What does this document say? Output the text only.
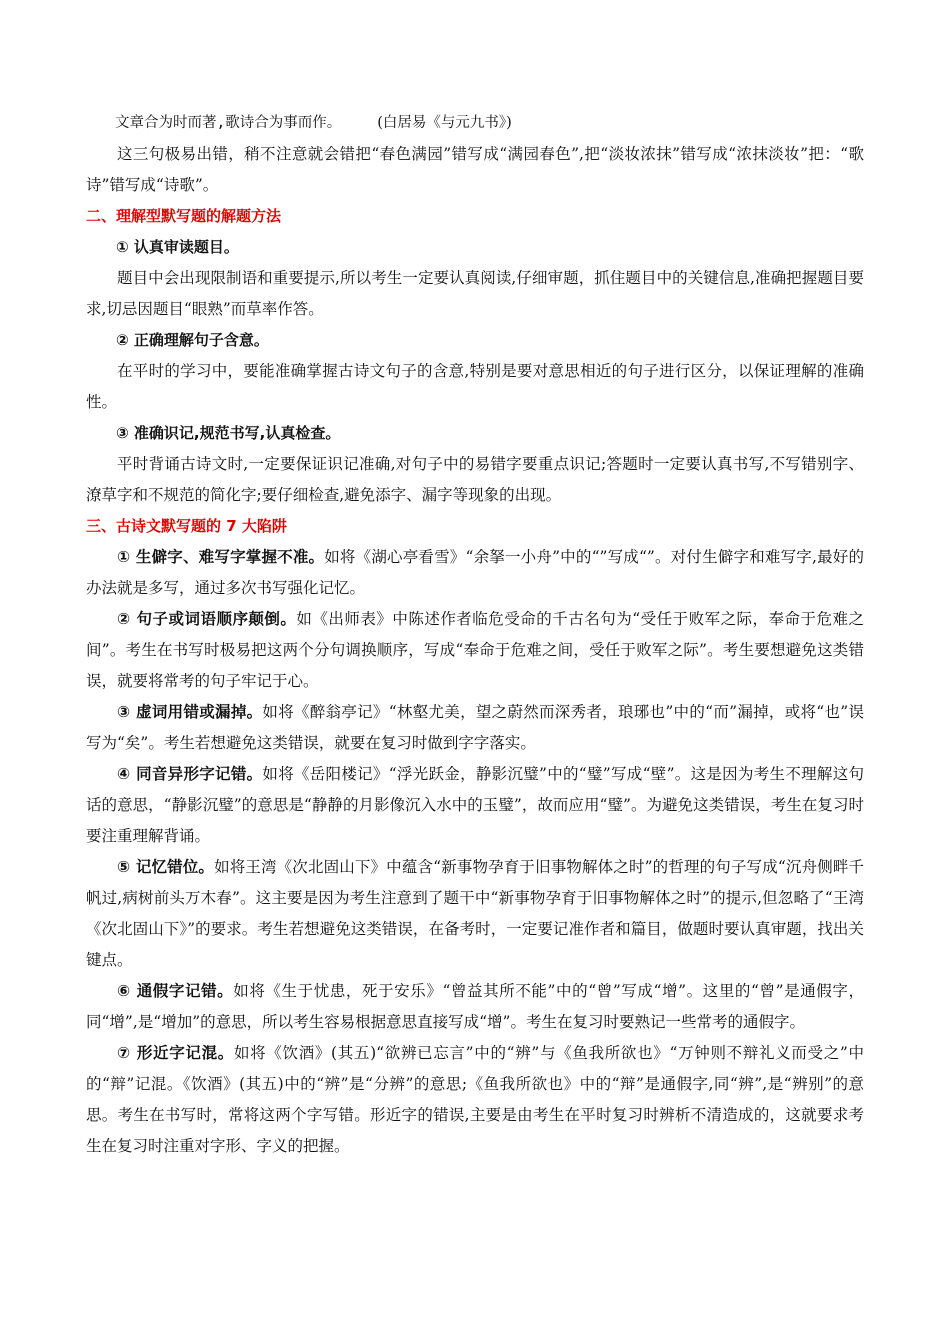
文章合为时而著,歌诗合为事而作。 (白居易《与元九书》)

这三句极易出错，稍不注意就会错把“春色满园”错写成“满园春色”,把“淡妆浓抹”错写成“浓抹淡妆”把：“歌诗”错写成“诗歌”。

二、理解型默写题的解题方法
① 认真审读题目。

题目中会出现限制语和重要提示,所以考生一定要认真阅读,仔细审题，抓住题目中的关键信息,准确把握题目要求,切忌因题目“眼熟”而草率作答。

② 正确理解句子含意。

在平时的学习中，要能准确掌握古诗文句子的含意,特别是要对意思相近的句子进行区分，以保证理解的准确性。

③ 准确识记,规范书写,认真检查。

平时背诵古诗文时,一定要保证识记准确,对句子中的易错字要重点识记;答题时一定要认真书写,不写错别字、潦草字和不规范的简化字;要仔细检查,避免添字、漏字等现象的出现。

三、古诗文默写题的 7 大陷阱

① 生僻字、难写字掌握不准。如将《湖心亭看雪》“余拏一小舟”中的“”写成“”。对付生僻字和难写字,最好的办法就是多写，通过多次书写强化记忆。

② 句子或词语顺序颠倒。如《出师表》中陈述作者临危受命的千古名句为“受任于败军之际，奉命于危难之间”。考生在书写时极易把这两个分句调换顺序，写成“奉命于危难之间，受任于败军之际”。考生要想避免这类错误，就要将常考的句子牢记于心。

③ 虚词用错或漏掉。如将《醉翁亭记》“林壑尤美，望之蔚然而深秀者，琅琊也”中的“而”漏掉，或将“也”误写为“矣”。考生若想避免这类错误，就要在复习时做到字字落实。

④ 同音异形字记错。如将《岳阳楼记》“浮光跃金，静影沉璧”中的“璧”写成“壁”。这是因为考生不理解这句话的意思，“静影沉璧”的意思是“静静的月影像沉入水中的玉璧”，故而应用“璧”。为避免这类错误，考生在复习时要注重理解背诵。

⑤ 记忆错位。如将王湾《次北固山下》中蕴含“新事物孕育于旧事物解体之时”的哲理的句子写成“沉舟侧畔千帆过,病树前头万木春”。这主要是因为考生注意到了题干中“新事物孕育于旧事物解体之时”的提示,但忽略了“王湾《次北固山下》”的要求。考生若想避免这类错误，在备考时，一定要记准作者和篇目，做题时要认真审题，找出关键点。

⑥ 通假字记错。如将《生于忧患，死于安乐》“曾益其所不能”中的“曾”写成“增”。这里的“曾”是通假字，同“增”,是“增加”的意思，所以考生容易根据意思直接写成“增”。考生在复习时要熟记一些常考的通假字。

⑦ 形近字记混。如将《饮酒》(其五)“欲辨已忘言”中的“辨”与《鱼我所欲也》“万钟则不辩礼义而受之”中的“辩”记混。《饮酒》(其五)中的“辨”是“分辨”的意思;《鱼我所欲也》中的“辩”是通假字,同“辨”,是“辨别”的意思。考生在书写时，常将这两个字写错。形近字的错误,主要是由考生在平时复习时辨析不清造成的，这就要求考生在复习时注重对字形、字义的把握。
